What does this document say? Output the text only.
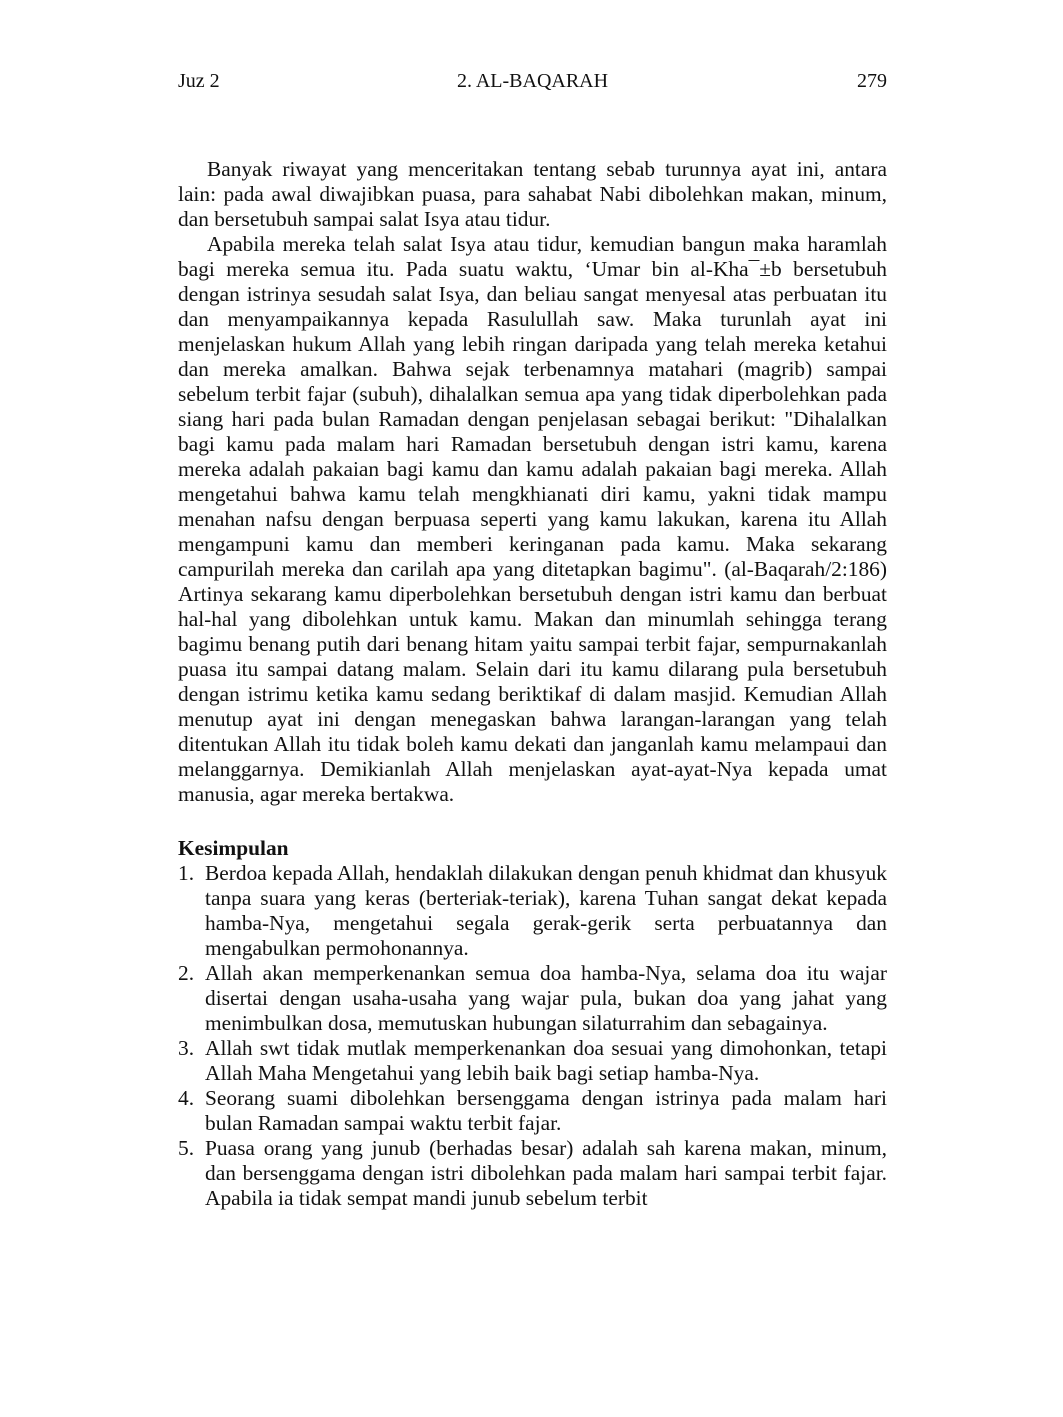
Juz 2	2. AL-BAQARAH	279

Banyak riwayat yang menceritakan tentang sebab turunnya ayat ini, antara lain: pada awal diwajibkan puasa, para sahabat Nabi dibolehkan makan, minum, dan bersetubuh sampai salat Isya atau tidur.

Apabila mereka telah salat Isya atau tidur, kemudian bangun maka haramlah bagi mereka semua itu. Pada suatu waktu, ‘Umar bin al-Kha¯±b bersetubuh dengan istrinya sesudah salat Isya, dan beliau sangat menyesal atas perbuatan itu dan menyampaikannya kepada Rasulullah saw. Maka turunlah ayat ini menjelaskan hukum Allah yang lebih ringan daripada yang telah mereka ketahui dan mereka amalkan. Bahwa sejak terbenamnya matahari (magrib) sampai sebelum terbit fajar (subuh), dihalalkan semua apa yang tidak diperbolehkan pada siang hari pada bulan Ramadan dengan penjelasan sebagai berikut: "Dihalalkan bagi kamu pada malam hari Ramadan bersetubuh dengan istri kamu, karena mereka adalah pakaian bagi kamu dan kamu adalah pakaian bagi mereka. Allah mengetahui bahwa kamu telah mengkhianati diri kamu, yakni tidak mampu menahan nafsu dengan berpuasa seperti yang kamu lakukan, karena itu Allah mengampuni kamu dan memberi keringanan pada kamu. Maka sekarang campurilah mereka dan carilah apa yang ditetapkan bagimu". (al-Baqarah/2:186) Artinya sekarang kamu diperbolehkan bersetubuh dengan istri kamu dan berbuat hal-hal yang dibolehkan untuk kamu. Makan dan minumlah sehingga terang bagimu benang putih dari benang hitam yaitu sampai terbit fajar, sempurnakanlah puasa itu sampai datang malam. Selain dari itu kamu dilarang pula bersetubuh dengan istrimu ketika kamu sedang beriktikaf di dalam masjid. Kemudian Allah menutup ayat ini dengan menegaskan bahwa larangan-larangan yang telah ditentukan Allah itu tidak boleh kamu dekati dan janganlah kamu melampaui dan melanggarnya. Demikianlah Allah menjelaskan ayat-ayat-Nya kepada umat manusia, agar mereka bertakwa.

Kesimpulan
1. Berdoa kepada Allah, hendaklah dilakukan dengan penuh khidmat dan khusyuk tanpa suara yang keras (berteriak-teriak), karena Tuhan sangat dekat kepada hamba-Nya, mengetahui segala gerak-gerik serta perbuatannya dan mengabulkan permohonannya.
2. Allah akan memperkenankan semua doa hamba-Nya, selama doa itu wajar disertai dengan usaha-usaha yang wajar pula, bukan doa yang jahat yang menimbulkan dosa, memutuskan hubungan silaturrahim dan sebagainya.
3. Allah swt tidak mutlak memperkenankan doa sesuai yang dimohonkan, tetapi Allah Maha Mengetahui yang lebih baik bagi setiap hamba-Nya.
4. Seorang suami dibolehkan bersenggama dengan istrinya pada malam hari bulan Ramadan sampai waktu terbit fajar.
5. Puasa orang yang junub (berhadas besar) adalah sah karena makan, minum, dan bersenggama dengan istri dibolehkan pada malam hari sampai terbit fajar. Apabila ia tidak sempat mandi junub sebelum terbit
